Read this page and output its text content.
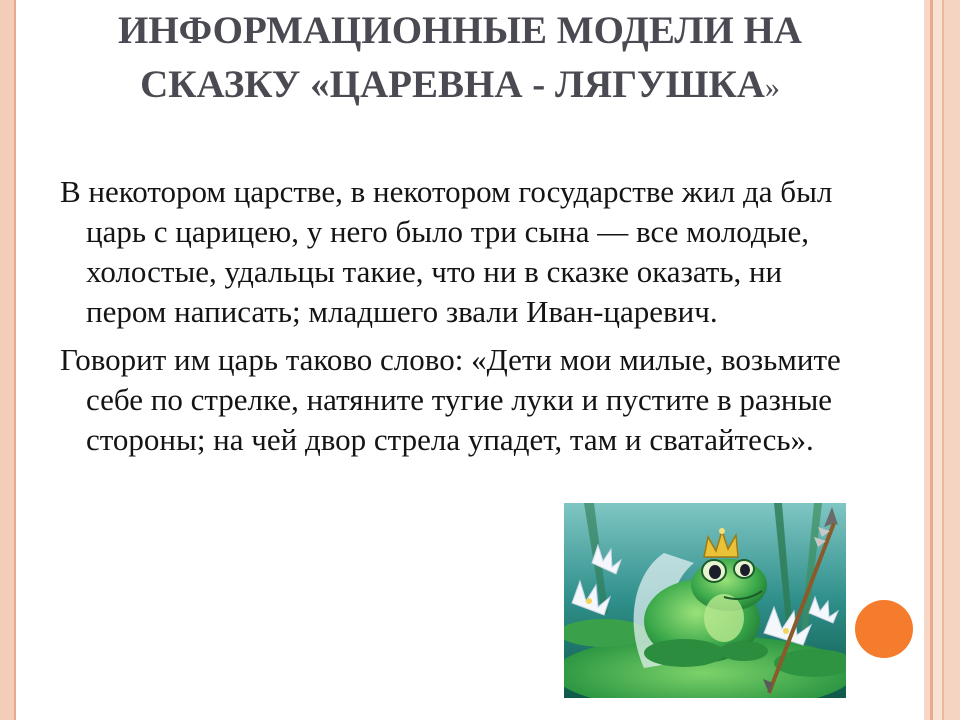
ИНФОРМАЦИОННЫЕ МОДЕЛИ НА СКАЗКУ «ЦАРЕВНА - ЛЯГУШКА»

В некотором царстве, в некотором государстве жил да был царь с царицею, у него было три сына — все молодые, холостые, удальцы такие, что ни в сказке оказать, ни пером написать; младшего звали Иван-царевич.

Говорит им царь таково слово: «Дети мои милые, возьмите себе по стрелке, натяните тугие луки и пустите в разные стороны; на чей двор стрела упадет, там и сватайтесь».
